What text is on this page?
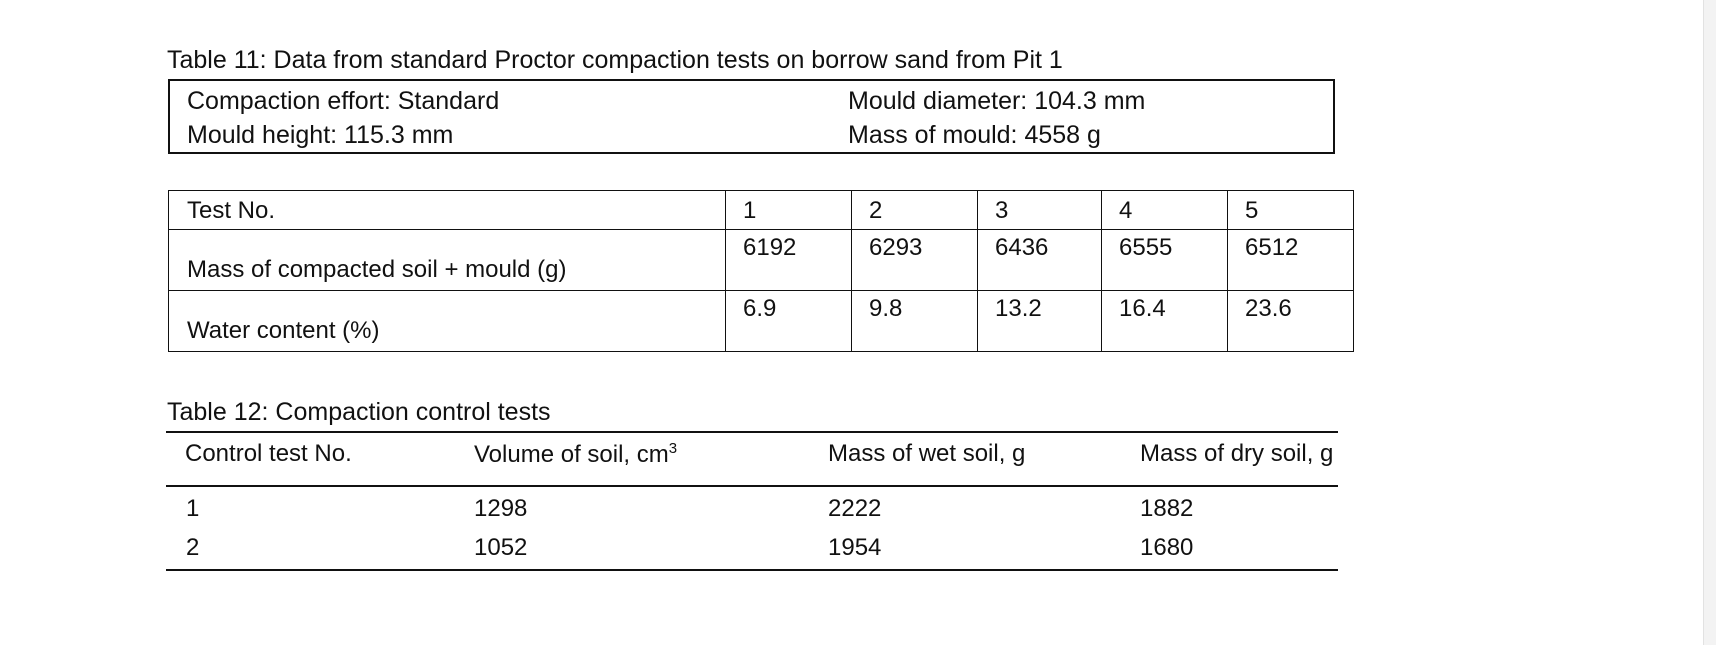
Table 11: Data from standard Proctor compaction tests on borrow sand from Pit 1
Compaction effort: Standard
Mould height: 115.3 mm
Mould diameter: 104.3 mm
Mass of mould: 4558 g
Test No.	1	2	3	4	5

Mass of compacted soil + mould (g)	6192	6293	6436	6555	6512

Water content (%)	6.9	9.8	13.2	16.4	23.6
Table 12: Compaction control tests
Control test No.	Volume of soil, $cm^3$	Mass of wet soil, g	Mass of dry soil, g
1	1298	2222	1882
2	1052	1954	1680
